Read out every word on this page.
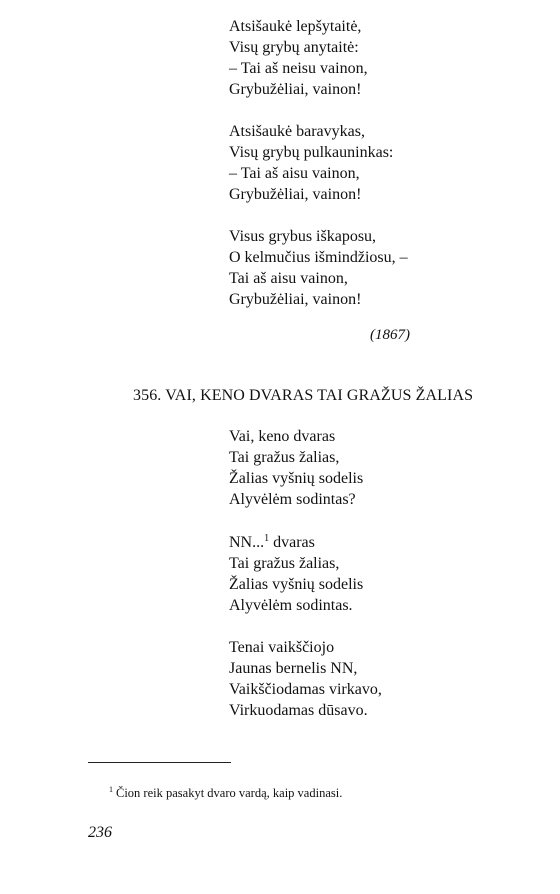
Atsišaukė lepšytaitė,
Visų grybų anytaitė:
– Tai aš neisu vainon,
Grybužėliai, vainon!
Atsišaukė baravykas,
Visų grybų pulkauninkas:
– Tai aš aisu vainon,
Grybužėliai, vainon!
Visus grybus iškaposu,
O kelmučius išmindžiosu, –
Tai aš aisu vainon,
Grybužėliai, vainon!
(1867)
356. VAI, KENO DVARAS TAI GRAŽUS ŽALIAS
Vai, keno dvaras
Tai gražus žalias,
Žalias vyšnių sodelis
Alyvėlėm sodintas?
NN...$^1$ dvaras
Tai gražus žalias,
Žalias vyšnių sodelis
Alyvėlėm sodintas.
Tenai vaikščiojo
Jaunas bernelis NN,
Vaikščiodamas virkavo,
Virkuodamas dūsavo.
$^1$ Čion reik pasakyt dvaro vardą, kaip vadinasi.
236
